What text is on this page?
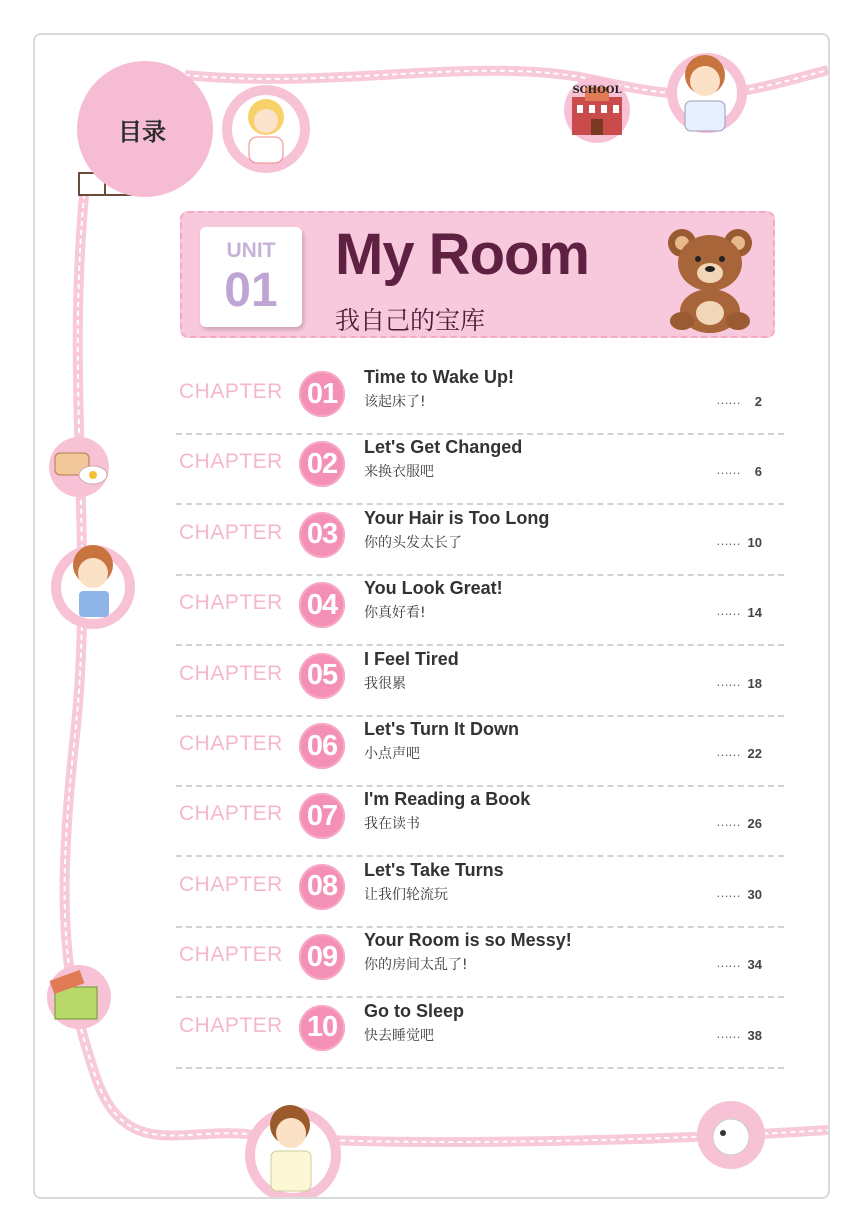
SCHOOL
目录
UNIT
01
My Room
我自己的宝库
CHAPTER 01
Time to Wake Up!
该起床了!	…… 2
CHAPTER 02
Let's Get Changed
来换衣服吧	…… 6
CHAPTER 03
Your Hair is Too Long
你的头发太长了	…… 10
CHAPTER 04
You Look Great!
你真好看!	…… 14
CHAPTER 05
I Feel Tired
我很累	…… 18
CHAPTER 06
Let's Turn It Down
小点声吧	…… 22
CHAPTER 07
I'm Reading a Book
我在读书	…… 26
CHAPTER 08
Let's Take Turns
让我们轮流玩	…… 30
CHAPTER 09
Your Room is so Messy!
你的房间太乱了!	…… 34
CHAPTER 10
Go to Sleep
快去睡觉吧	…… 38
